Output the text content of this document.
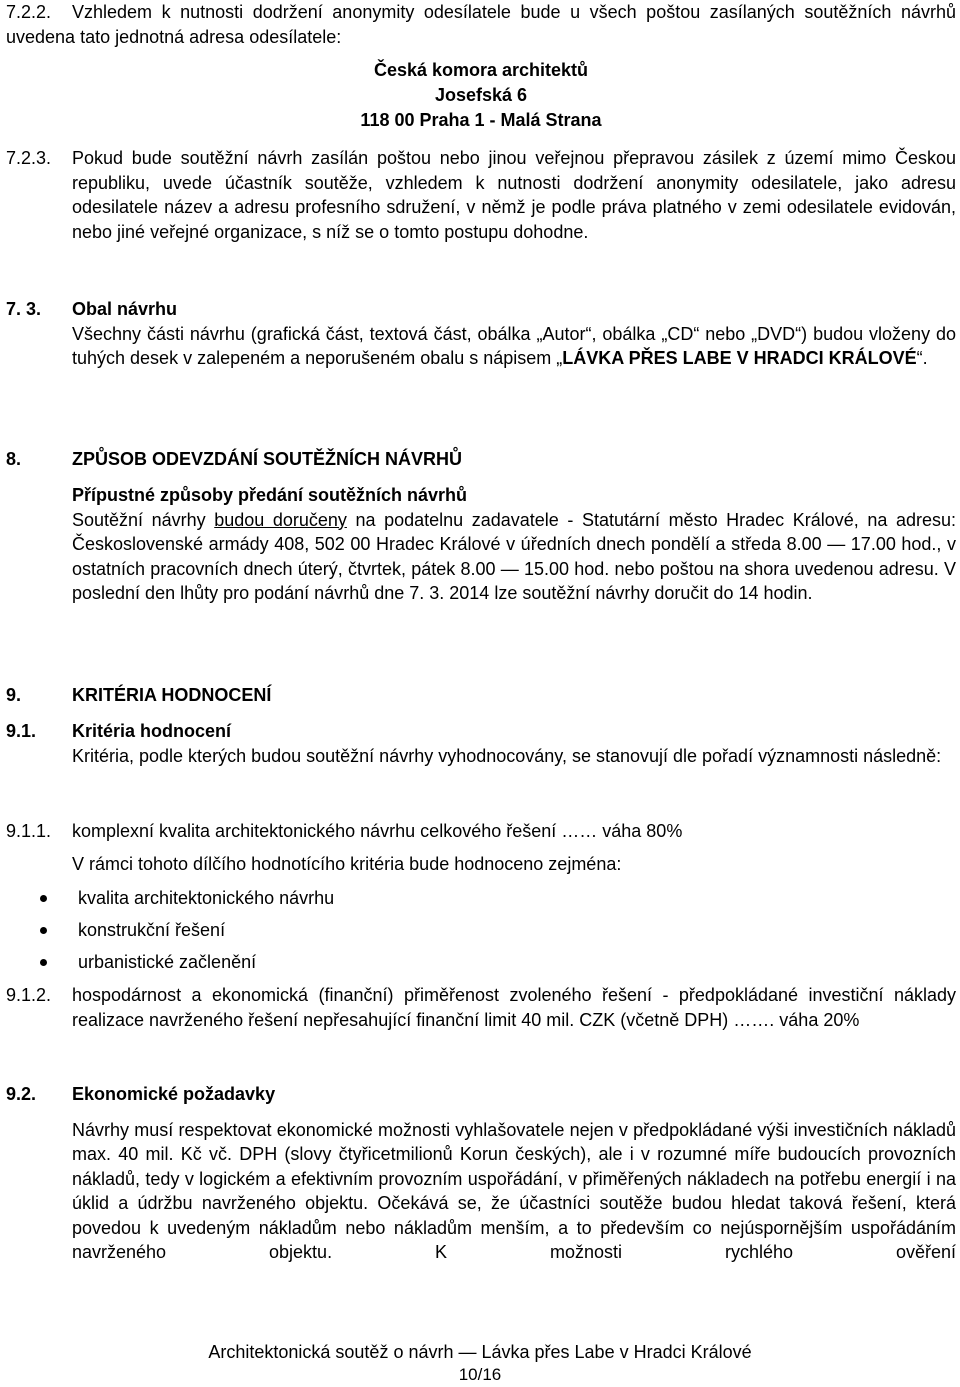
7.2.2. Vzhledem k nutnosti dodržení anonymity odesílatele bude u všech poštou zasílaných soutěžních návrhů uvedena tato jednotná adresa odesílatele:

Česká komora architektů
Josefská 6
118 00 Praha 1 - Malá Strana
7.2.3. Pokud bude soutěžní návrh zasílán poštou nebo jinou veřejnou přepravou zásilek z území mimo Českou republiku, uvede účastník soutěže, vzhledem k nutnosti dodržení anonymity odesilatele, jako adresu odesilatele název a adresu profesního sdružení, v němž je podle práva platného v zemi odesilatele evidován, nebo jiné veřejné organizace, s níž se o tomto postupu dohodne.

7. 3. Obal návrhu

Všechny části návrhu (grafická část, textová část, obálka „Autor“, obálka „CD“ nebo „DVD“) budou vloženy do tuhých desek v zalepeném a neporušeném obalu s nápisem „LÁVKA PŘES LABE V HRADCI KRÁLOVÉ“.

8.	ZPŮSOB ODEVZDÁNÍ SOUTĚŽNÍCH NÁVRHŮ

Přípustné způsoby předání soutěžních návrhů

Soutěžní návrhy budou doručeny na podatelnu zadavatele - Statutární město Hradec Králové, na adresu: Československé armády 408, 502 00 Hradec Králové v úředních dnech pondělí a středa 8.00 — 17.00 hod., v ostatních pracovních dnech úterý, čtvrtek, pátek 8.00 — 15.00 hod. nebo poštou na shora uvedenou adresu. V poslední den lhůty pro podání návrhů dne 7. 3. 2014 lze soutěžní návrhy doručit do 14 hodin.

9.	KRITÉRIA HODNOCENÍ
9.1. Kritéria hodnocení

Kritéria, podle kterých budou soutěžní návrhy vyhodnocovány, se stanovují dle pořadí významnosti následně:

9.1.1. komplexní kvalita architektonického návrhu celkového řešení …… váha 80%

V rámci tohoto dílčího hodnotícího kritéria bude hodnoceno zejména:

kvalita architektonického návrhu
konstrukční řešení
urbanistické začlenění
9.1.2. hospodárnost a ekonomická (finanční) přiměřenost zvoleného řešení - předpokládané investiční náklady realizace navrženého řešení nepřesahující finanční limit 40 mil. CZK (včetně DPH) ……. váha 20%

9.2. Ekonomické požadavky

Návrhy musí respektovat ekonomické možnosti vyhlašovatele nejen v předpokládané výši investičních nákladů max. 40 mil. Kč vč. DPH (slovy čtyřicetmilionů Korun českých), ale i v rozumné míře budoucích provozních nákladů, tedy v logickém a efektivním provozním uspořádání, v přiměřených nákladech na potřebu energií i na úklid a údržbu navrženého objektu. Očekává se, že účastníci soutěže budou hledat taková řešení, která povedou k uvedeným nákladům nebo nákladům menším, a to především co nejúspornějším uspořádáním navrženého objektu. K možnosti rychlého ověření

Architektonická soutěž o návrh — Lávka přes Labe v Hradci Králové
10/16
